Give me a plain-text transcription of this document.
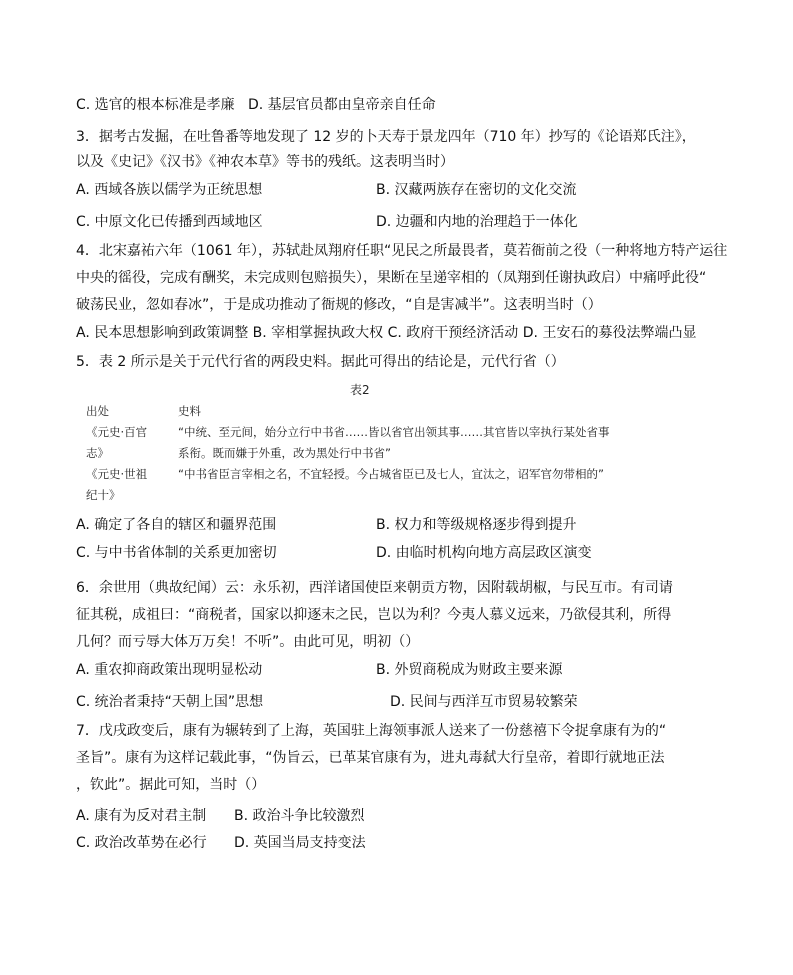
C. 选官的根本标准是孝廉 D. 基层官员都由皇帝亲自任命
3．据考古发掘，在吐鲁番等地发现了 12 岁的卜天寿于景龙四年（710 年）抄写的《论语郑氏注》，
以及《史记》《汉书》《神农本草》等书的残纸。这表明当时）
A. 西域各族以儒学为正统思想	B. 汉藏两族存在密切的文化交流
C. 中原文化已传播到西域地区	D. 边疆和内地的治理趋于一体化
4．北宋嘉祐六年（1061 年），苏轼赴凤翔府任职“见民之所最畏者，莫若衙前之役（一种将地方特产运往
中央的徭役，完成有酬奖，未完成则包赔损失），果断在呈递宰相的（凤翔到任谢执政启）中痛呼此役“
破荡民业，忽如春冰”，于是成功推动了衙规的修改，“自是害减半”。这表明当时（）
A. 民本思想影响到政策调整 B. 宰相掌握执政大权 C. 政府干预经济活动 D. 王安石的募役法弊端凸显
5．表 2 所示是关于元代行省的两段史料。据此可得出的结论是，元代行省（）
表2
出处	史料
《元史·百官	“中统、至元间，始分立行中书省……皆以省官出领其事……其官皆以宰执行某处省事
志》	系衔。既而嫌于外重，改为黑处行中书省”
《元史·世祖	“中书省臣言宰相之名，不宜轻授。今占城省臣已及七人，宜汰之，诏军官勿带相的”
纪十》
A. 确定了各自的辖区和疆界范围	B. 权力和等级规格逐步得到提升
C. 与中书省体制的关系更加密切	D. 由临时机构向地方高层政区演变
6．余世用（典故纪闻）云：永乐初，西洋诸国使臣来朝贡方物，因附载胡椒，与民互市。有司请
征其税，成祖曰：“商税者，国家以抑逐末之民，岂以为利？今夷人慕义远来，乃欲侵其利，所得
几何？而亏辱大体万万矣！不听”。由此可见，明初（）
A. 重农抑商政策出现明显松动	B. 外贸商税成为财政主要来源
C. 统治者秉持“天朝上国”思想	D. 民间与西洋互市贸易较繁荣
7．戊戌政变后，康有为辗转到了上海，英国驻上海领事派人送来了一份慈禧下令捉拿康有为的“
圣旨”。康有为这样记载此事，“伪旨云，已革某官康有为，进丸毒弑大行皇帝，着即行就地正法
，钦此”。据此可知，当时（）
A. 康有为反对君主制 B. 政治斗争比较激烈
C. 政治改革势在必行 D. 英国当局支持变法
